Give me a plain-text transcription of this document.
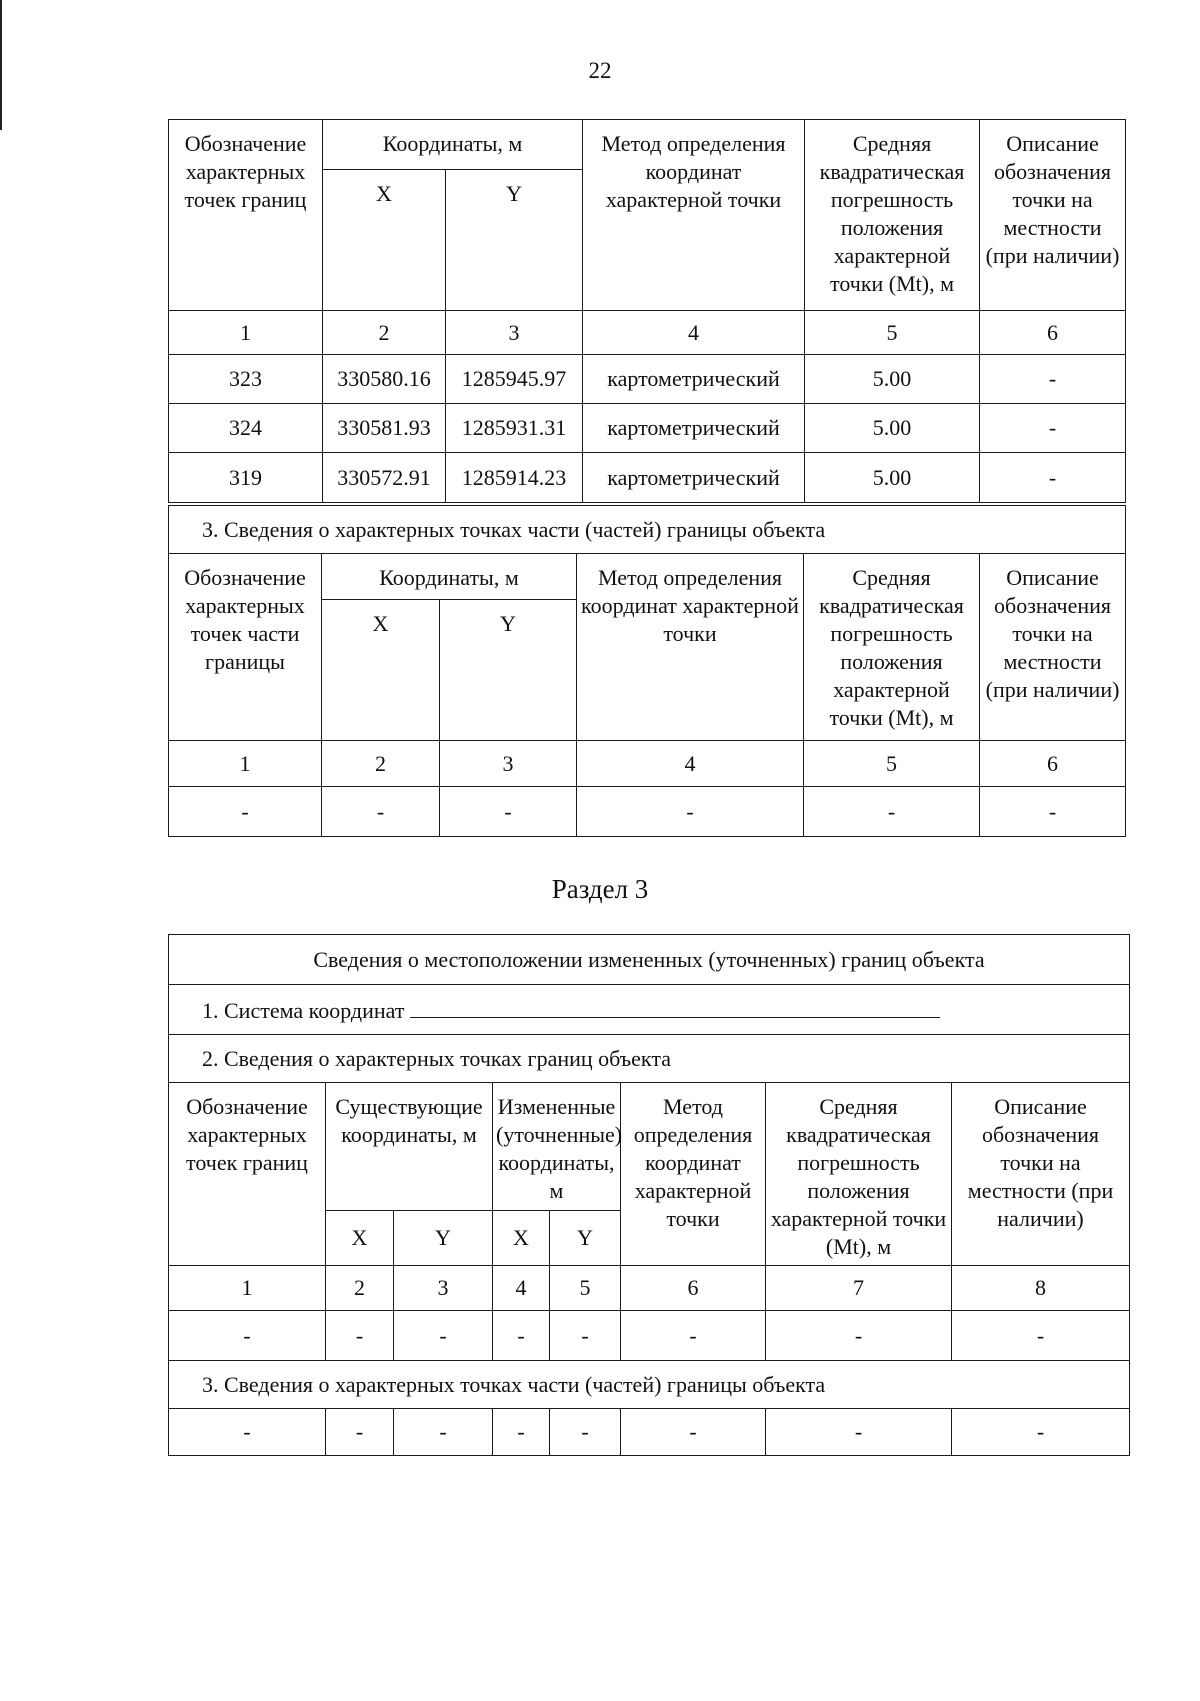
22
Обозначение характерных точек границ	Координаты, м		Метод определения координат характерной точки	Средняя квадратическая погрешность положения характерной точки (Mt), м	Описание обозначения точки на местности (при наличии)
	X	Y			
1	2	3	4	5	6
323	330580.16	1285945.97	картометрический	5.00	-
324	330581.93	1285931.31	картометрический	5.00	-
319	330572.91	1285914.23	картометрический	5.00	-
3. Сведения о характерных точках части (частей) границы объекта					
Обозначение характерных точек части границы	Координаты, м		Метод определения координат характерной точки	Средняя квадратическая погрешность положения характерной точки (Mt), м	Описание обозначения точки на местности (при наличии)
	X	Y			
1	2	3	4	5	6
-	-	-	-	-	-
Раздел 3
Сведения о местоположении измененных (уточненных) границ объекта							
1. Система координат							
2. Сведения о характерных точках границ объекта							
Обозначение характерных точек границ	Существующие координаты, м		Измененные (уточненные) координаты, м		Метод определения координат характерной точки	Средняя квадратическая погрешность положения характерной точки (Mt), м	Описание обозначения точки на местности (при наличии)
	X	Y	X	Y			
1	2	3	4	5	6	7	8
-	-	-	-	-	-	-	-
3. Сведения о характерных точках части (частей) границы объекта							
-	-	-	-	-	-	-	-
